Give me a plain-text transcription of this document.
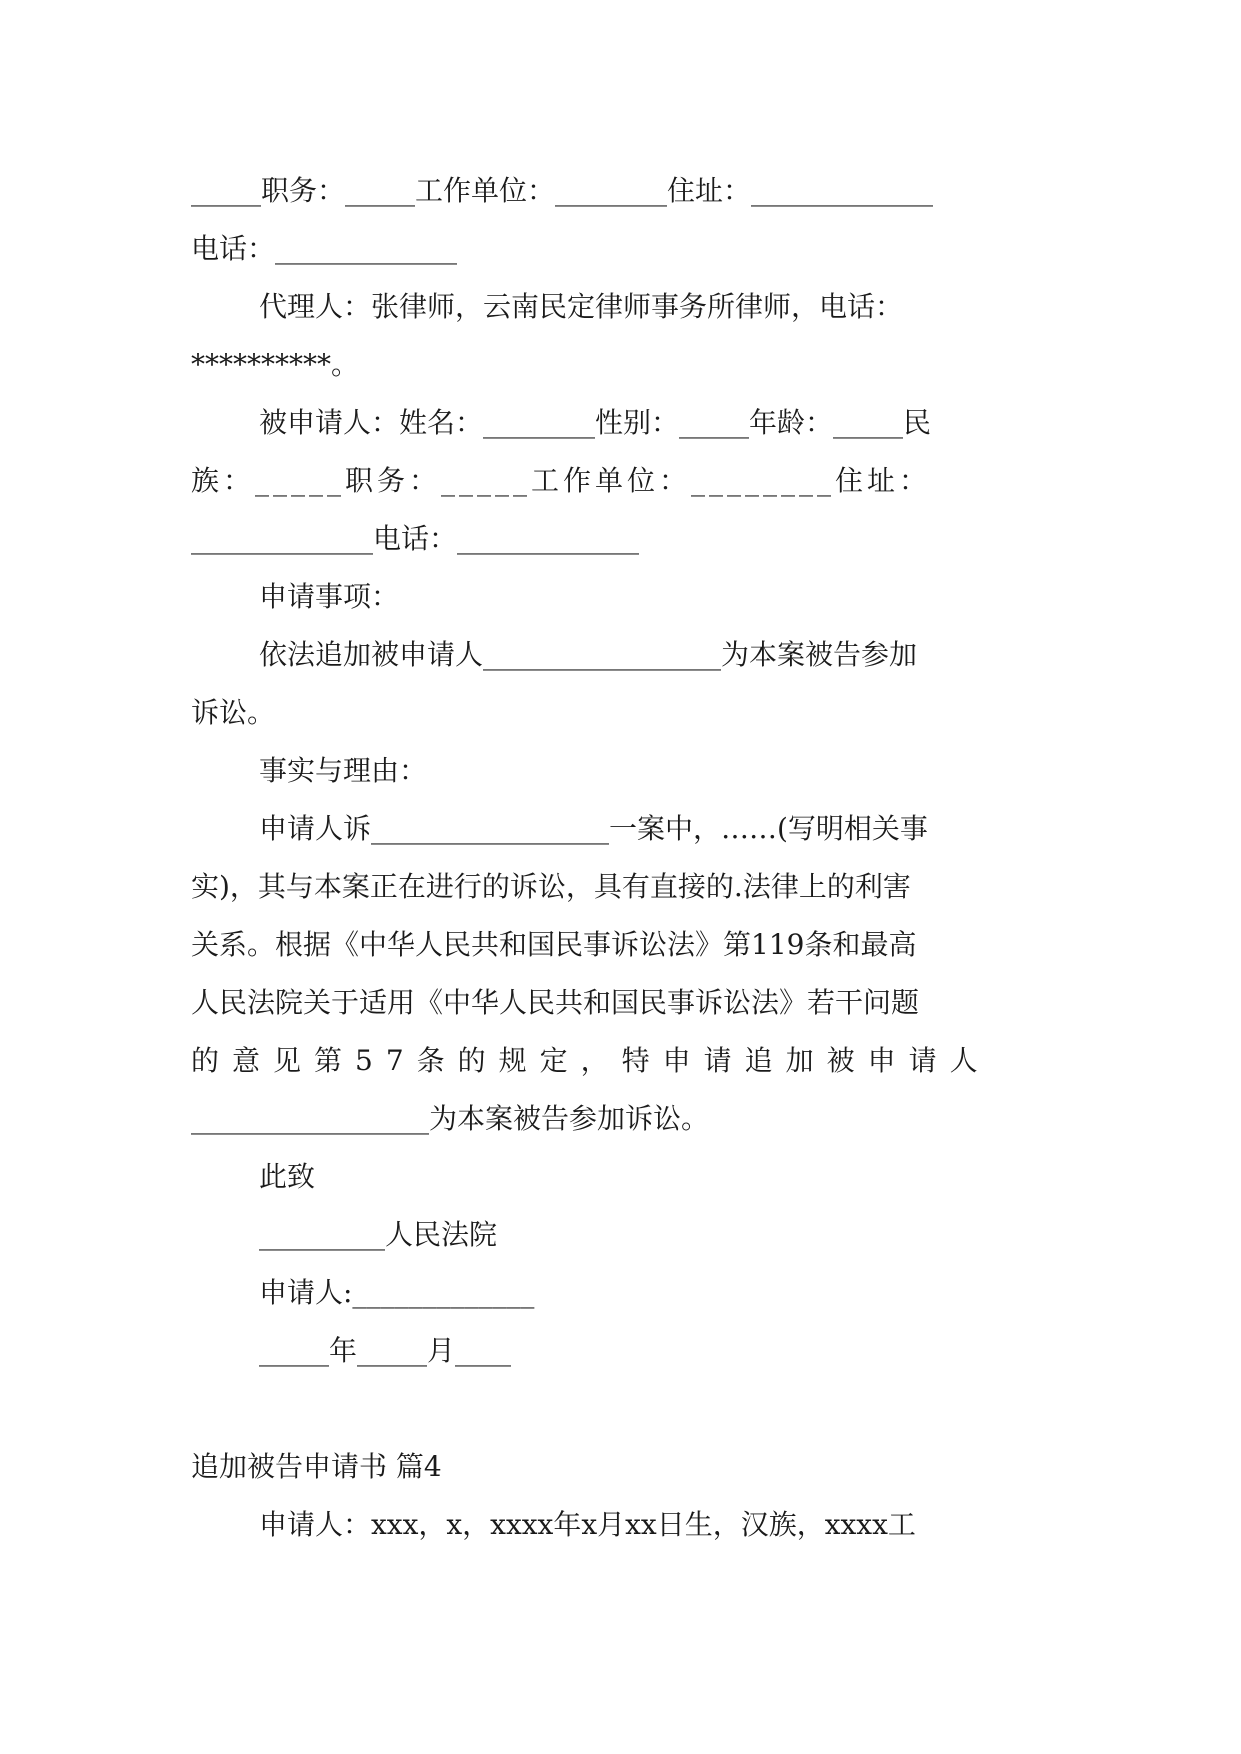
_____职务：_____工作单位：________住址：_____________
电话：_____________
代理人：张律师，云南民定律师事务所律师，电话：
**********。
被申请人：姓名：________性别：_____年龄：_____民
族：_____职务：_____工作单位：________住址：
_____________电话：_____________
申请事项：
依法追加被申请人_________________为本案被告参加
诉讼。
事实与理由：
申请人诉_________________一案中，……(写明相关事
实)，其与本案正在进行的诉讼，具有直接的.法律上的利害
关系。根据《中华人民共和国民事诉讼法》第119条和最高
人民法院关于适用《中华人民共和国民事诉讼法》若干问题
的意见第57条的规定，特申请追加被申请人
_________________为本案被告参加诉讼。
此致
_________人民法院
申请人:_____________
_____年_____月____
追加被告申请书 篇4
申请人：xxx，x，xxxx年x月xx日生，汉族，xxxx工
